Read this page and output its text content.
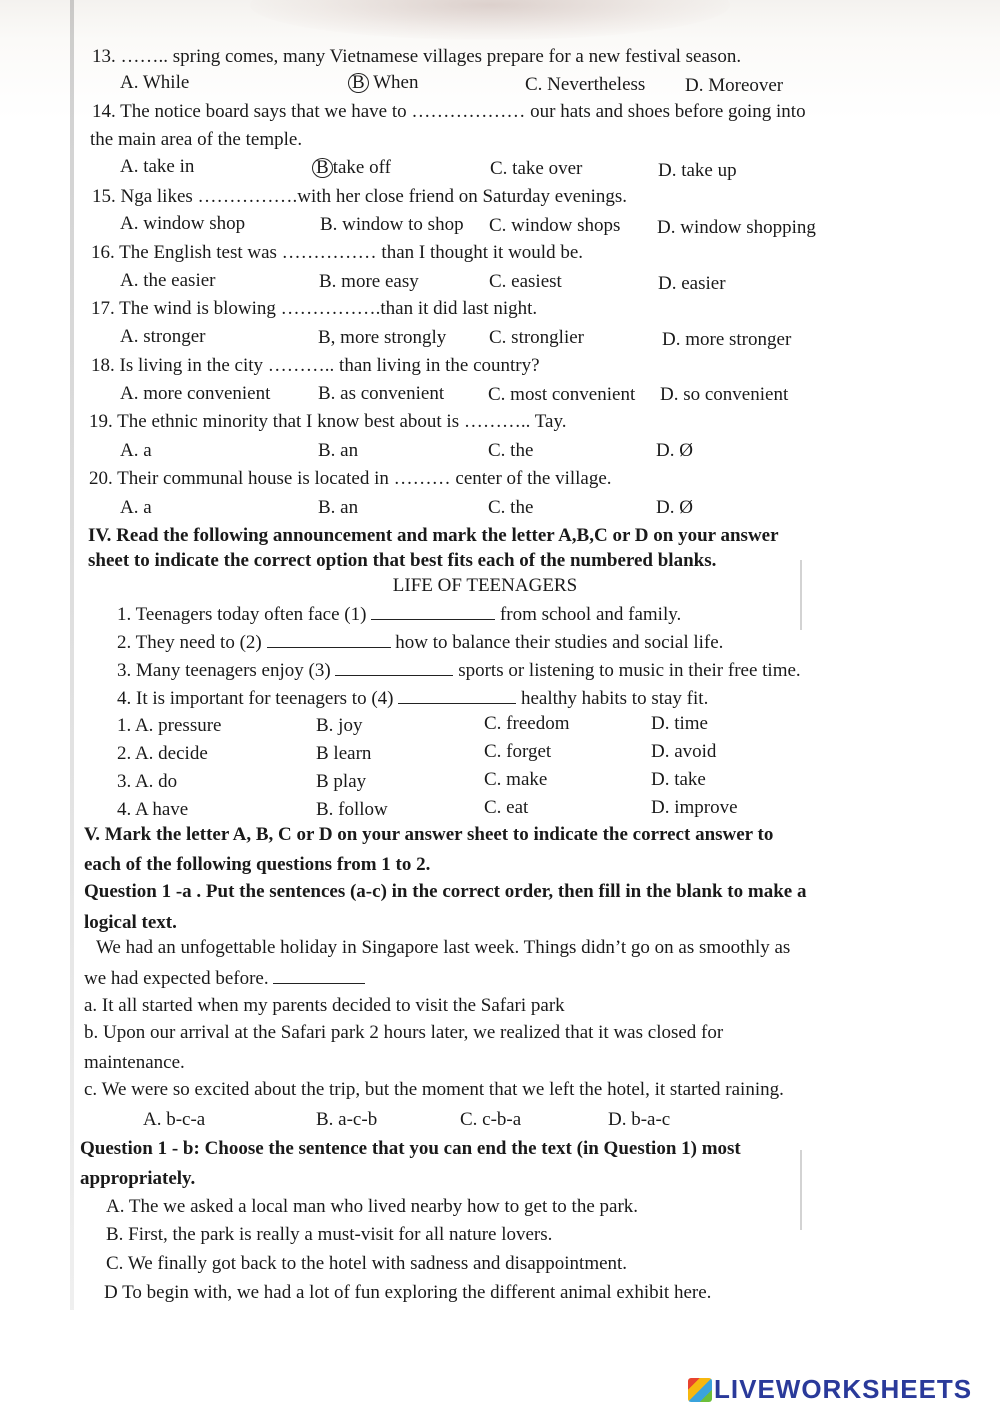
13. …….. spring comes, many Vietnamese villages prepare for a new festival season.
A. While	B When	C. Nevertheless D. Moreover
14. The notice board says that we have to ……………… our hats and shoes before going into
the main area of the temple.
A. take in	B take off	C. take over	D. take up
15. Nga likes …………….with her close friend on Saturday evenings.
A. window shop	B. window to shop C. window shops D. window shopping
16. The English test was …………… than I thought it would be.
A. the easier	B. more easy	C. easiest	D. easier
17. The wind is blowing …………….than it did last night.
A. stronger	B, more strongly C. stronglier	D. more stronger
18. Is living in the city ……….. than living in the country?
A. more convenient	B. as convenient C. most convenient D. so convenient
19. The ethnic minority that I know best about is ……….. Tay.
A. a	B. an	C. the	D. Ø
20. Their communal house is located in ……… center of the village.
A. a	B. an	C. the	D. Ø
IV. Read the following announcement and mark the letter A,B,C or D on your answer
sheet to indicate the correct option that best fits each of the numbered blanks.
LIFE OF TEENAGERS
1. Teenagers today often face (1)	from school and family.
2. They need to (2)	how to balance their studies and social life.
3. Many teenagers enjoy (3)	sports or listening to music in their free time.
4. It is important for teenagers to (4)	healthy habits to stay fit.
1. A. pressure	B. joy	C. freedom	D. time
2. A. decide	B learn	C. forget	D. avoid
3. A. do	B play	C. make	D. take
4. A have	B. follow	C. eat	D. improve
V. Mark the letter A, B, C or D on your answer sheet to indicate the correct answer to
each of the following questions from 1 to 2.
Question 1 -a . Put the sentences (a-c) in the correct order, then fill in the blank to make a
logical text.
We had an unfogettable holiday in Singapore last week. Things didn’t go on as smoothly as
we had expected before.
a. It all started when my parents decided to visit the Safari park
b. Upon our arrival at the Safari park 2 hours later, we realized that it was closed for
maintenance.
c. We were so excited about the trip, but the moment that we left the hotel, it started raining.
A. b-c-a	B. a-c-b	C. c-b-a	D. b-a-c
Question 1 - b: Choose the sentence that you can end the text (in Question 1) most
appropriately.
A. The we asked a local man who lived nearby how to get to the park.
B. First, the park is really a must-visit for all nature lovers.
C. We finally got back to the hotel with sadness and disappointment.
D To begin with, we had a lot of fun exploring the different animal exhibit here.
LIVEWORKSHEETS
